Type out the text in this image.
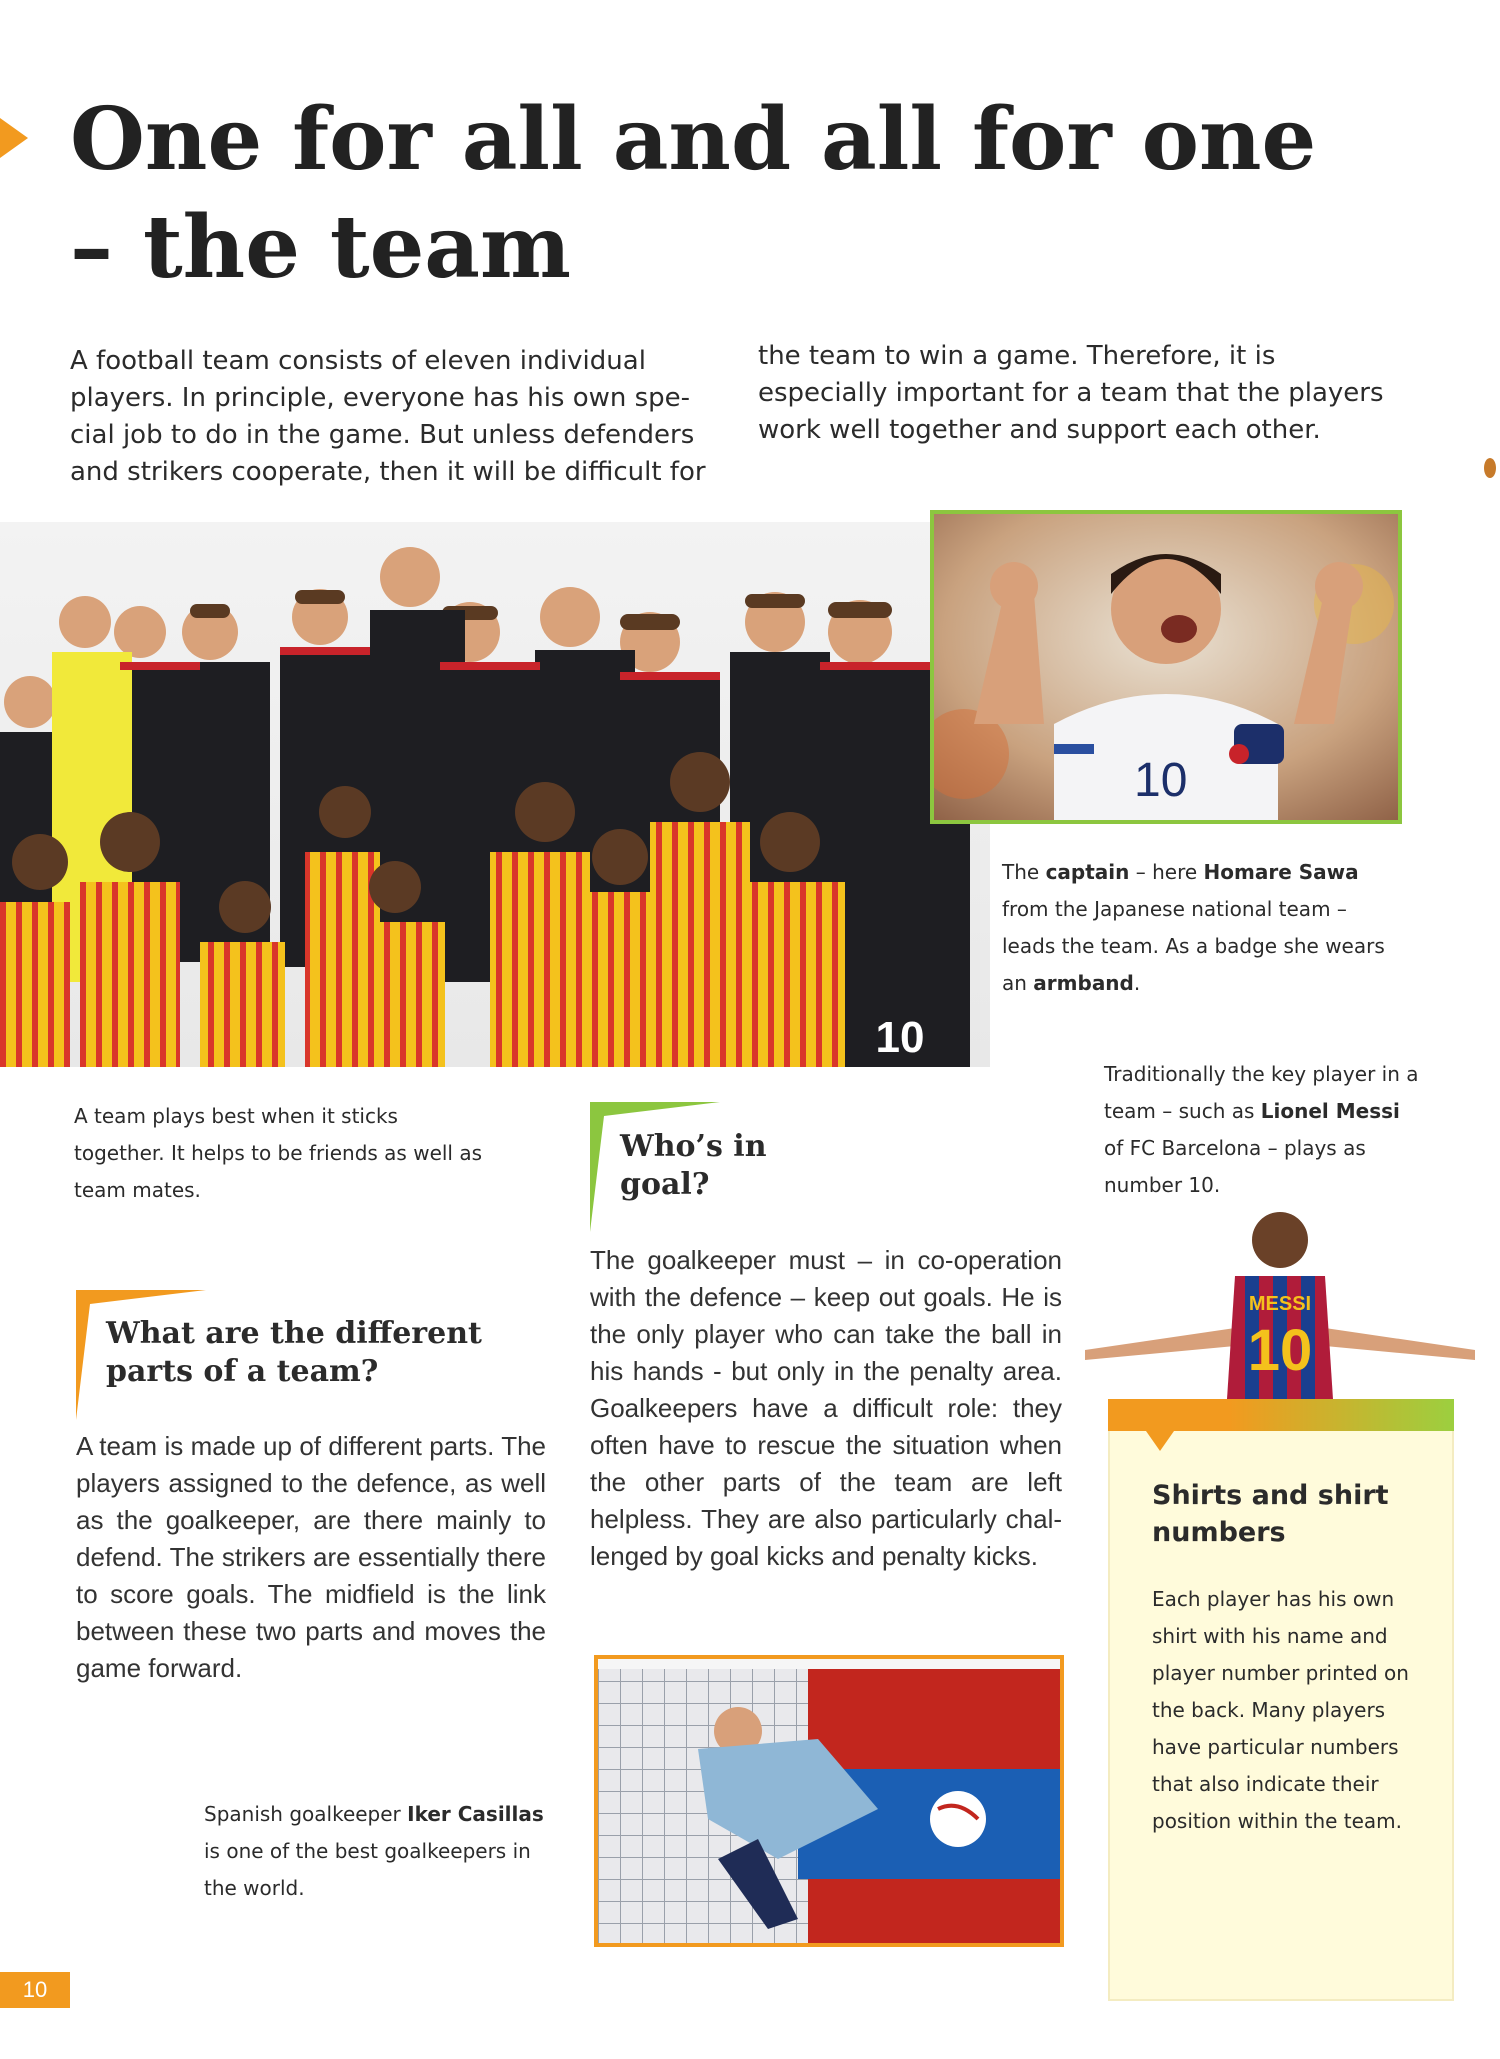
One for all and all for one
– the team

A football team consists of eleven individual players. In principle, everyone has his own spe-cial job to do in the game. But unless defenders and strikers cooperate, then it will be difficult for

the team to win a game. Therefore, it is especially important for a team that the players work well together and support each other.

10
10

The captain – here Homare Sawa from the Japanese national team – leads the team. As a badge she wears an armband.

A team plays best when it sticks together. It helps to be friends as well as team mates.

Traditionally the key player in a team – such as Lionel Messi of FC Barcelona – plays as number 10.

MESSI
10
Shirts and shirt numbers

Each player has his own shirt with his name and player number printed on the back. Many players have particular numbers that also indicate their position within the team.

Who’s in goal?

The goalkeeper must – in co-operation with the defence – keep out goals. He is the only player who can take the ball in his hands - but only in the penalty area. Goalkeepers have a difficult role: they often have to rescue the situation when the other parts of the team are left helpless. They are also particularly chal-lenged by goal kicks and penalty kicks.

What are the different parts of a team?

A team is made up of different parts. The players assigned to the defence, as well as the goalkeeper, are there mainly to defend. The strikers are essentially there to score goals. The midfield is the link between these two parts and moves the game forward.

Spanish goalkeeper Iker Casillas is one of the best goalkeepers in the world.

10
